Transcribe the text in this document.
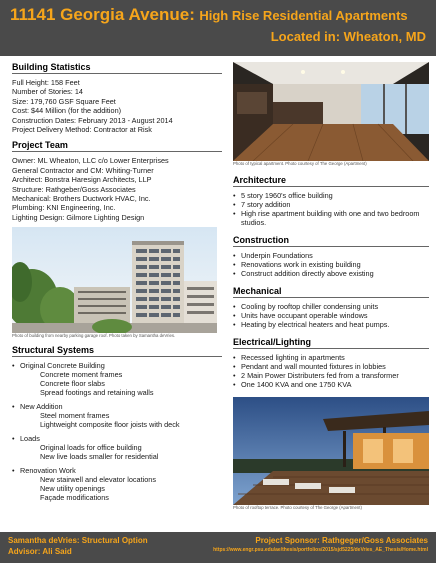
11141 Georgia Avenue: High Rise Residential Apartments
Located in: Wheaton, MD
Building Statistics
Full Height: 158 Feet
Number of Stories: 14
Size: 179,760 GSF Square Feet
Cost: $44 Million (for the addition)
Construction Dates: February 2013 - August 2014
Project Delivery Method: Contractor at Risk
Project Team
Owner: ML Wheaton, LLC c/o Lower Enterprises
General Contractor and CM: Whiting-Turner
Architect: Bonstra Haresign Architects, LLP
Structure: Rathgeber/Goss Associates
Mechanical: Brothers Ductwork HVAC, Inc.
Plumbing: KNI Engineering, Inc.
Lighting Design: Gilmore Lighting Design
Photo of building from nearby parking garage roof. Photo taken by Samantha deVries.
Structural Systems
• Original Concrete Building
Concrete moment frames
Concrete floor slabs
Spread footings and retaining walls
• New Addition
Steel moment frames
Lightweight composite floor joists with deck
• Loads
Original loads for office building
New live loads smaller for residential
• Renovation Work
New stairwell and elevator locations
New utility openings
Façade modifications
Photo of typical apartment. Photo courtesy of The George (Apartment)
Architecture
• 5 story 1960's office building
• 7 story addition
• High rise apartment building with one and two bedroom studios.
Construction
• Underpin Foundations
• Renovations work in existing building
• Construct addition directly above existing
Mechanical
• Cooling by rooftop chiller condensing units
• Units have occupant operable windows
• Heating by electrical heaters and heat pumps.
Electrical/Lighting
• Recessed lighting in apartments
• Pendant and wall mounted fixtures in lobbies
• 2 Main Power Distributers fed from a transformer
• One 1400 KVA and one 1750 KVA
Photo of rooftop terrace. Photo courtesy of The George (Apartment)
Samantha deVries: Structural Option
Advisor: Ali Said
Project Sponsor: Rathgeger/Goss Associates
https://www.engr.psu.edu/ae/thesis/portfolios/2015/sjd5225/deVries_AE_Thesis/Home.html
